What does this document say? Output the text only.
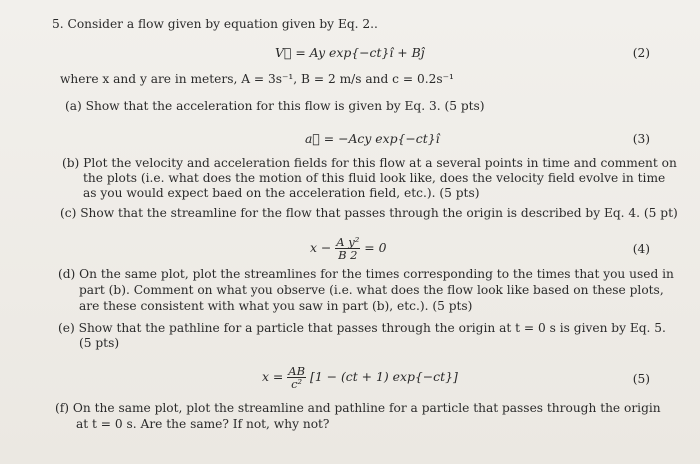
5. Consider a flow given by equation given by Eq. 2..
V⃗ = Ay exp{−ct}î + Bĵ	(2)
where x and y are in meters, A = 3s⁻¹, B = 2 m/s and c = 0.2s⁻¹
(a) Show that the acceleration for this flow is given by Eq. 3. (5 pts)
a⃗ = −Acy exp{−ct}î	(3)
(b) Plot the velocity and acceleration fields for this flow at a several points in time and comment on
the plots (i.e. what does the motion of this fluid look like, does the velocity field evolve in time
as you would expect baed on the acceleration field, etc.). (5 pts)
(c) Show that the streamline for the flow that passes through the origin is described by Eq. 4. (5 pt)
$x - \frac{\text{A y²}}{B 2} = 0$	(4)
(d) On the same plot, plot the streamlines for the times corresponding to the times that you used in
part (b). Comment on what you observe (i.e. what does the flow look like based on these plots,
are these consistent with what you saw in part (b), etc.). (5 pts)
(e) Show that the pathline for a particle that passes through the origin at t = 0 s is given by Eq. 5.
(5 pts)
$x = \frac{AB}{\text{c²}} [1 - (ct + 1)$ exp{−ct}]	(5)
(f) On the same plot, plot the streamline and pathline for a particle that passes through the origin
at t = 0 s. Are the same? If not, why not?
